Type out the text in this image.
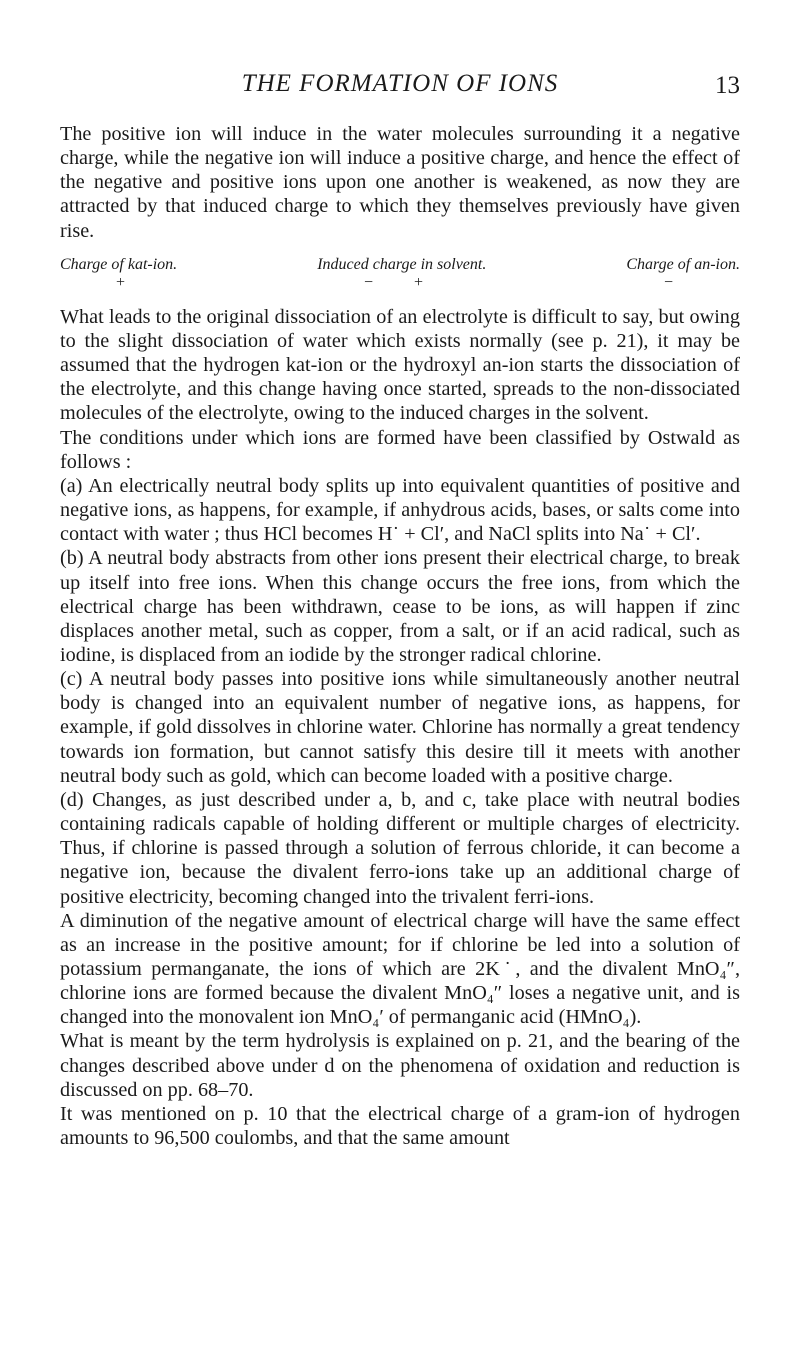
THE FORMATION OF IONS	13

The positive ion will induce in the water molecules surrounding it a negative charge, while the negative ion will induce a positive charge, and hence the effect of the negative and positive ions upon one another is weakened, as now they are attracted by that induced charge to which they themselves previously have given rise.

Charge of kat-ion.	Induced charge in solvent.	Charge of an-ion.
+	−	+	−

What leads to the original dissociation of an electrolyte is difficult to say, but owing to the slight dissociation of water which exists normally (see p. 21), it may be assumed that the hydrogen kat-ion or the hydroxyl an-ion starts the dissociation of the electrolyte, and this change having once started, spreads to the non-dissociated molecules of the electrolyte, owing to the induced charges in the solvent.

The conditions under which ions are formed have been classified by Ostwald as follows :

(a) An electrically neutral body splits up into equivalent quantities of positive and negative ions, as happens, for example, if anhydrous acids, bases, or salts come into contact with water ; thus HCl becomes H˙ + Cl′, and NaCl splits into Na˙ + Cl′.

(b) A neutral body abstracts from other ions present their electrical charge, to break up itself into free ions. When this change occurs the free ions, from which the electrical charge has been withdrawn, cease to be ions, as will happen if zinc displaces another metal, such as copper, from a salt, or if an acid radical, such as iodine, is displaced from an iodide by the stronger radical chlorine.

(c) A neutral body passes into positive ions while simultaneously another neutral body is changed into an equivalent number of negative ions, as happens, for example, if gold dissolves in chlorine water. Chlorine has normally a great tendency towards ion formation, but cannot satisfy this desire till it meets with another neutral body such as gold, which can become loaded with a positive charge.

(d) Changes, as just described under a, b, and c, take place with neutral bodies containing radicals capable of holding different or multiple charges of electricity. Thus, if chlorine is passed through a solution of ferrous chloride, it can become a negative ion, because the divalent ferro-ions take up an additional charge of positive electricity, becoming changed into the trivalent ferri-ions.

A diminution of the negative amount of electrical charge will have the same effect as an increase in the positive amount; for if chlorine be led into a solution of potassium permanganate, the ions of which are 2K˙, and the divalent MnO₄″, chlorine ions are formed because the divalent MnO₄″ loses a negative unit, and is changed into the monovalent ion MnO₄′ of permanganic acid (HMnO₄).

What is meant by the term hydrolysis is explained on p. 21, and the bearing of the changes described above under d on the phenomena of oxidation and reduction is discussed on pp. 68–70.

It was mentioned on p. 10 that the electrical charge of a gram-ion of hydrogen amounts to 96,500 coulombs, and that the same amount
